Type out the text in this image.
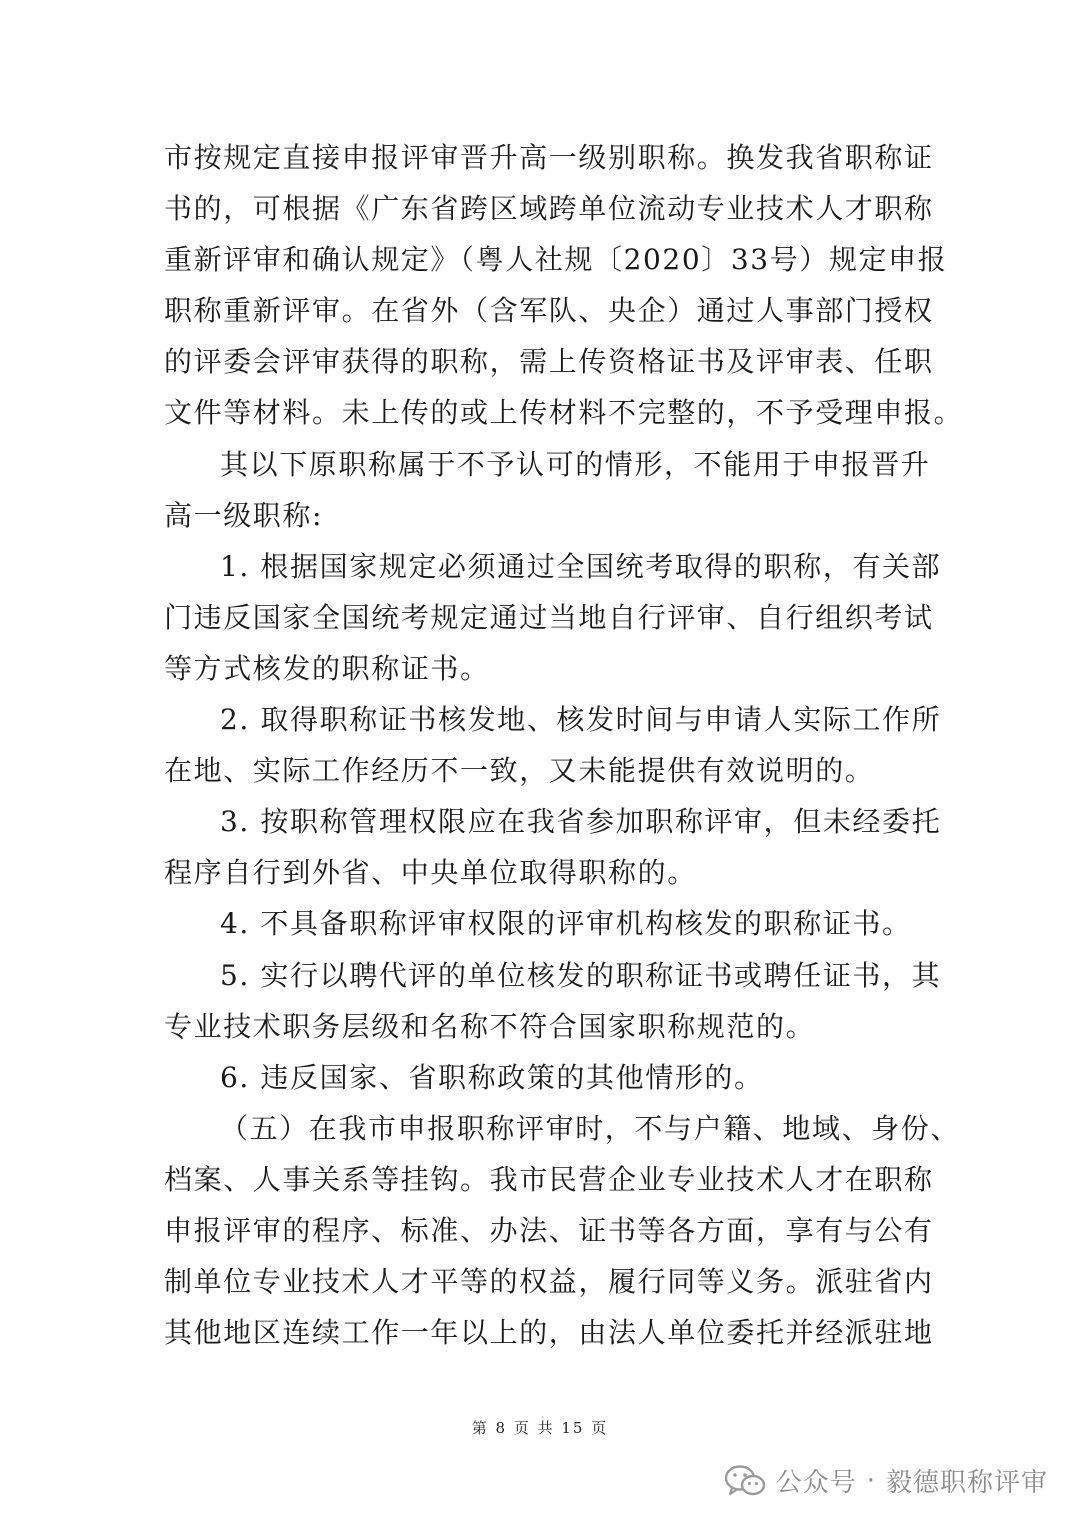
市按规定直接申报评审晋升高一级别职称。换发我省职称证
书的，可根据《广东省跨区域跨单位流动专业技术人才职称
重新评审和确认规定》（粤人社规〔2020〕33号）规定申报
职称重新评审。在省外（含军队、央企）通过人事部门授权
的评委会评审获得的职称，需上传资格证书及评审表、任职
文件等材料。未上传的或上传材料不完整的，不予受理申报。
其以下原职称属于不予认可的情形，不能用于申报晋升
高一级职称:
1. 根据国家规定必须通过全国统考取得的职称，有关部
门违反国家全国统考规定通过当地自行评审、自行组织考试
等方式核发的职称证书。
2. 取得职称证书核发地、核发时间与申请人实际工作所
在地、实际工作经历不一致，又未能提供有效说明的。
3. 按职称管理权限应在我省参加职称评审，但未经委托
程序自行到外省、中央单位取得职称的。
4. 不具备职称评审权限的评审机构核发的职称证书。
5. 实行以聘代评的单位核发的职称证书或聘任证书，其
专业技术职务层级和名称不符合国家职称规范的。
6. 违反国家、省职称政策的其他情形的。
（五）在我市申报职称评审时，不与户籍、地域、身份、
档案、人事关系等挂钩。我市民营企业专业技术人才在职称
申报评审的程序、标准、办法、证书等各方面，享有与公有
制单位专业技术人才平等的权益，履行同等义务。派驻省内
其他地区连续工作一年以上的，由法人单位委托并经派驻地
第 8 页 共 15 页
公众号 · 毅德职称评审
